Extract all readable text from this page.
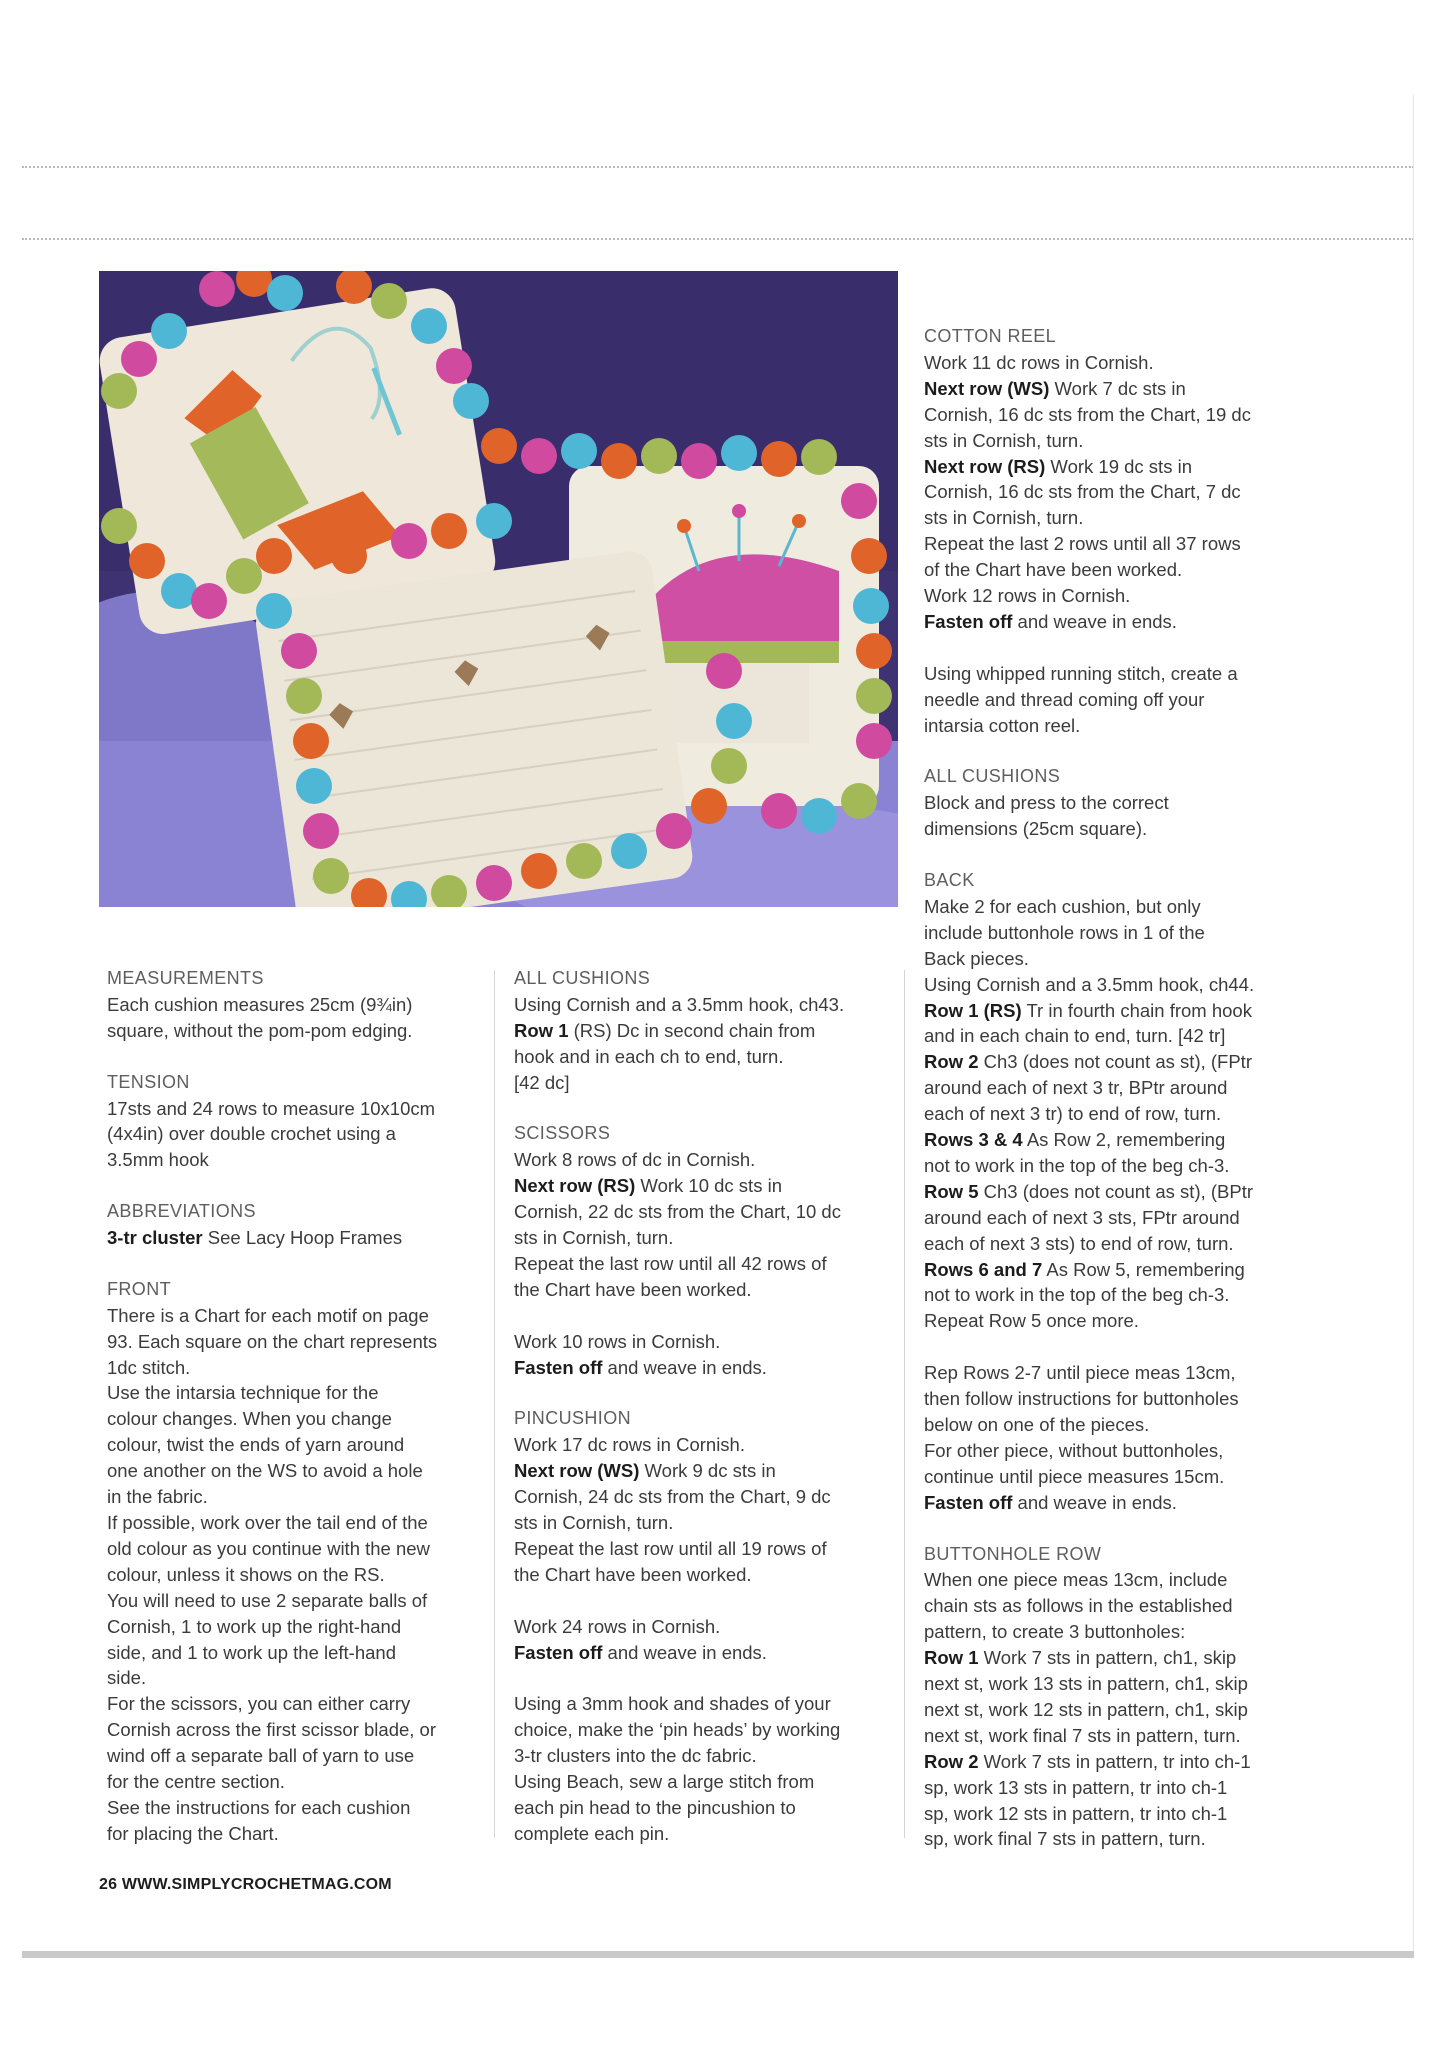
MEASUREMENTS

Each cushion measures 25cm (9¾in)

square, without the pom-pom edging.

TENSION

17sts and 24 rows to measure 10x10cm

(4x4in) over double crochet using a

3.5mm hook

ABBREVIATIONS

3-tr cluster See Lacy Hoop Frames

FRONT

There is a Chart for each motif on page

93. Each square on the chart represents

1dc stitch.

Use the intarsia technique for the

colour changes. When you change

colour, twist the ends of yarn around

one another on the WS to avoid a hole

in the fabric.

If possible, work over the tail end of the

old colour as you continue with the new

colour, unless it shows on the RS.

You will need to use 2 separate balls of

Cornish, 1 to work up the right-hand

side, and 1 to work up the left-hand

side.

For the scissors, you can either carry

Cornish across the first scissor blade, or

wind off a separate ball of yarn to use

for the centre section.

See the instructions for each cushion

for placing the Chart.

ALL CUSHIONS

Using Cornish and a 3.5mm hook, ch43.

Row 1 (RS) Dc in second chain from

hook and in each ch to end, turn.

[42 dc]

SCISSORS

Work 8 rows of dc in Cornish.

Next row (RS) Work 10 dc sts in

Cornish, 22 dc sts from the Chart, 10 dc

sts in Cornish, turn.

Repeat the last row until all 42 rows of

the Chart have been worked.

Work 10 rows in Cornish.

Fasten off and weave in ends.

PINCUSHION

Work 17 dc rows in Cornish.

Next row (WS) Work 9 dc sts in

Cornish, 24 dc sts from the Chart, 9 dc

sts in Cornish, turn.

Repeat the last row until all 19 rows of

the Chart have been worked.

Work 24 rows in Cornish.

Fasten off and weave in ends.

Using a 3mm hook and shades of your

choice, make the ‘pin heads’ by working

3-tr clusters into the dc fabric.

Using Beach, sew a large stitch from

each pin head to the pincushion to

complete each pin.

COTTON REEL

Work 11 dc rows in Cornish.

Next row (WS) Work 7 dc sts in

Cornish, 16 dc sts from the Chart, 19 dc

sts in Cornish, turn.

Next row (RS) Work 19 dc sts in

Cornish, 16 dc sts from the Chart, 7 dc

sts in Cornish, turn.

Repeat the last 2 rows until all 37 rows

of the Chart have been worked.

Work 12 rows in Cornish.

Fasten off and weave in ends.

Using whipped running stitch, create a

needle and thread coming off your

intarsia cotton reel.

ALL CUSHIONS

Block and press to the correct

dimensions (25cm square).

BACK

Make 2 for each cushion, but only

include buttonhole rows in 1 of the

Back pieces.

Using Cornish and a 3.5mm hook, ch44.

Row 1 (RS) Tr in fourth chain from hook

and in each chain to end, turn. [42 tr]

Row 2 Ch3 (does not count as st), (FPtr

around each of next 3 tr, BPtr around

each of next 3 tr) to end of row, turn.

Rows 3 & 4 As Row 2, remembering

not to work in the top of the beg ch-3.

Row 5 Ch3 (does not count as st), (BPtr

around each of next 3 sts, FPtr around

each of next 3 sts) to end of row, turn.

Rows 6 and 7 As Row 5, remembering

not to work in the top of the beg ch-3.

Repeat Row 5 once more.

Rep Rows 2-7 until piece meas 13cm,

then follow instructions for buttonholes

below on one of the pieces.

For other piece, without buttonholes,

continue until piece measures 15cm.

Fasten off and weave in ends.

BUTTONHOLE ROW

When one piece meas 13cm, include

chain sts as follows in the established

pattern, to create 3 buttonholes:

Row 1 Work 7 sts in pattern, ch1, skip

next st, work 13 sts in pattern, ch1, skip

next st, work 12 sts in pattern, ch1, skip

next st, work final 7 sts in pattern, turn.

Row 2 Work 7 sts in pattern, tr into ch-1

sp, work 13 sts in pattern, tr into ch-1

sp, work 12 sts in pattern, tr into ch-1

sp, work final 7 sts in pattern, turn.

26 WWW.SIMPLYCROCHETMAG.COM
